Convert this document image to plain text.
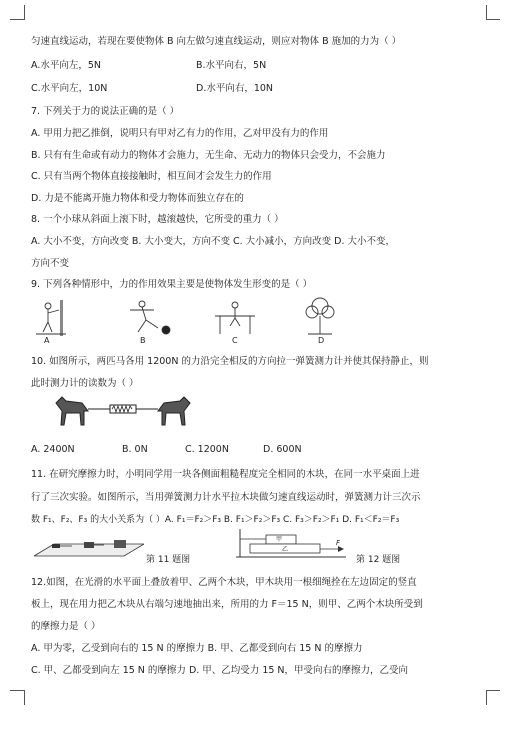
匀速直线运动，若现在要使物体 B 向左做匀速直线运动，则应对物体 B 施加的力为（ ）
A.水平向左，5N	B.水平向右，5N
C.水平向左，10N	D.水平向右，10N
7. 下列关于力的说法正确的是（ ）
A. 甲用力把乙推倒，说明只有甲对乙有力的作用，乙对甲没有力的作用
B. 只有有生命或有动力的物体才会施力，无生命、无动力的物体只会受力，不会施力
C. 只有当两个物体直接接触时，相互间才会发生力的作用
D. 力是不能离开施力物体和受力物体而独立存在的
8. 一个小球从斜面上滚下时，越滚越快，它所受的重力（ ）
A. 大小不变，方向改变 B. 大小变大，方向不变 C. 大小减小，方向改变 D. 大小不变，
方向不变
9. 下列各种情形中，力的作用效果主要是使物体发生形变的是（ ）
A	B	C	D
10. 如图所示，两匹马各用 1200N 的力沿完全相反的方向拉一弹簧测力计并使其保持静止，则
此时测力计的读数为（ ）
A. 2400N	B. 0N	C. 1200N	D. 600N
11. 在研究摩擦力时，小明同学用一块各侧面粗糙程度完全相同的木块，在同一水平桌面上进
行了三次实验。如图所示，当用弹簧测力计水平拉木块做匀速直线运动时，弹簧测力计三次示
数 F₁、F₂、F₃ 的大小关系为（ ）A. F₁＝F₂＞F₃ B. F₁＞F₂＞F₃ C. F₃＞F₂＞F₁ D. F₁＜F₂＝F₃
第 11 题图
甲
乙
F
第 12 题图
12.如图，在光滑的水平面上叠放着甲、乙两个木块，甲木块用一根细绳拴在左边固定的竖直
板上，现在用力把乙木块从右端匀速地抽出来，所用的力 F＝15 N，则甲、乙两个木块所受到
的摩擦力是（ ）
A. 甲为零，乙受到向右的 15 N 的摩擦力 B. 甲、乙都受到向右 15 N 的摩擦力
C. 甲、乙都受到向左 15 N 的摩擦力 D. 甲、乙均受力 15 N，甲受向右的摩擦力，乙受向
